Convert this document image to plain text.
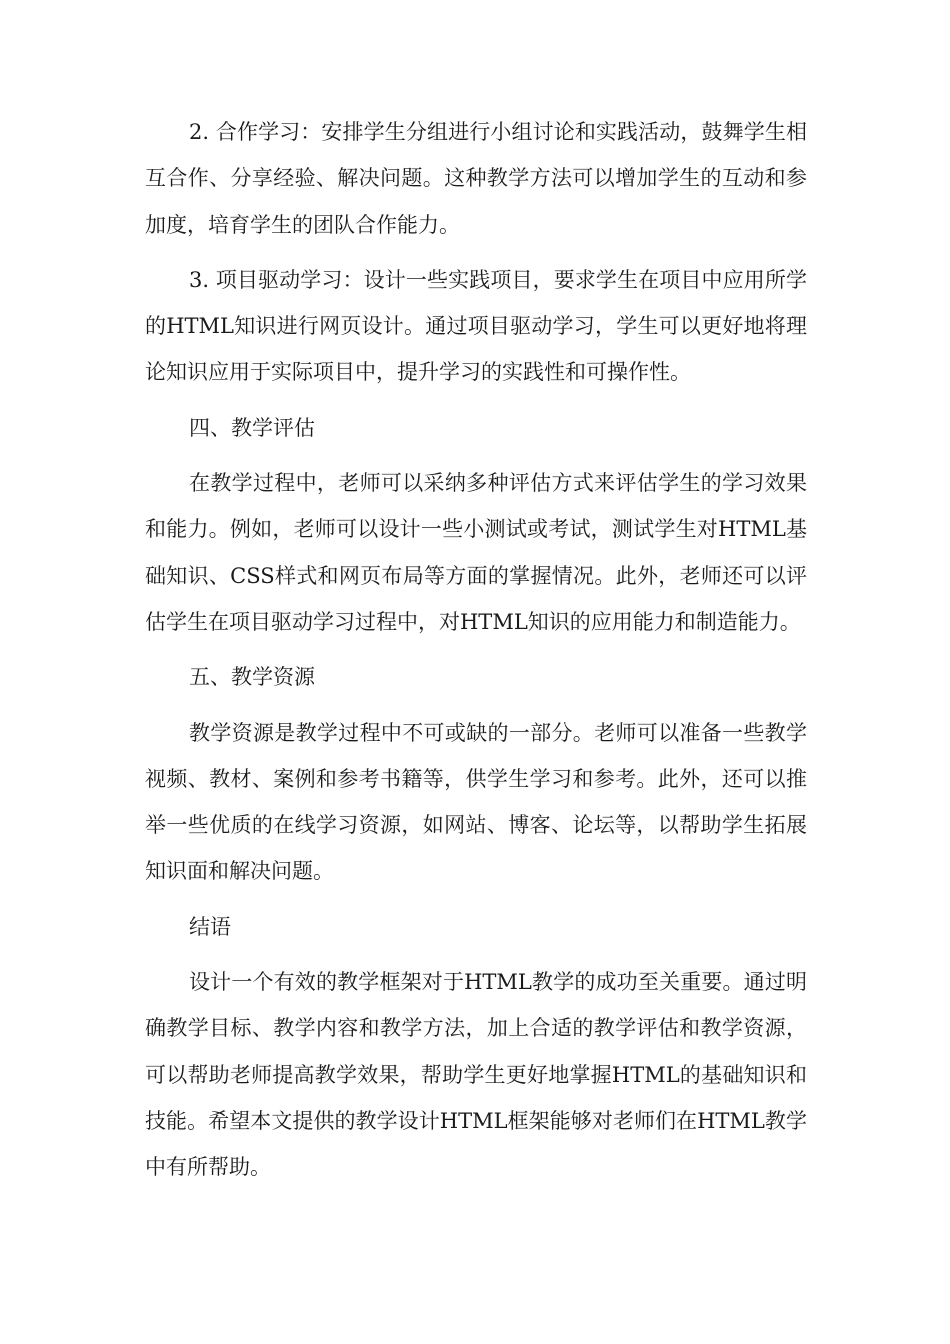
2. 合作学习：安排学生分组进行小组讨论和实践活动，鼓舞学生相互合作、分享经验、解决问题。这种教学方法可以增加学生的互动和参加度，培育学生的团队合作能力。

3. 项目驱动学习：设计一些实践项目，要求学生在项目中应用所学的HTML知识进行网页设计。通过项目驱动学习，学生可以更好地将理论知识应用于实际项目中，提升学习的实践性和可操作性。

四、教学评估

在教学过程中，老师可以采纳多种评估方式来评估学生的学习效果和能力。例如，老师可以设计一些小测试或考试，测试学生对HTML基础知识、CSS样式和网页布局等方面的掌握情况。此外，老师还可以评估学生在项目驱动学习过程中，对HTML知识的应用能力和制造能力。

五、教学资源

教学资源是教学过程中不可或缺的一部分。老师可以准备一些教学视频、教材、案例和参考书籍等，供学生学习和参考。此外，还可以推举一些优质的在线学习资源，如网站、博客、论坛等，以帮助学生拓展知识面和解决问题。

结语

设计一个有效的教学框架对于HTML教学的成功至关重要。通过明确教学目标、教学内容和教学方法，加上合适的教学评估和教学资源，可以帮助老师提高教学效果，帮助学生更好地掌握HTML的基础知识和技能。希望本文提供的教学设计HTML框架能够对老师们在HTML教学中有所帮助。
